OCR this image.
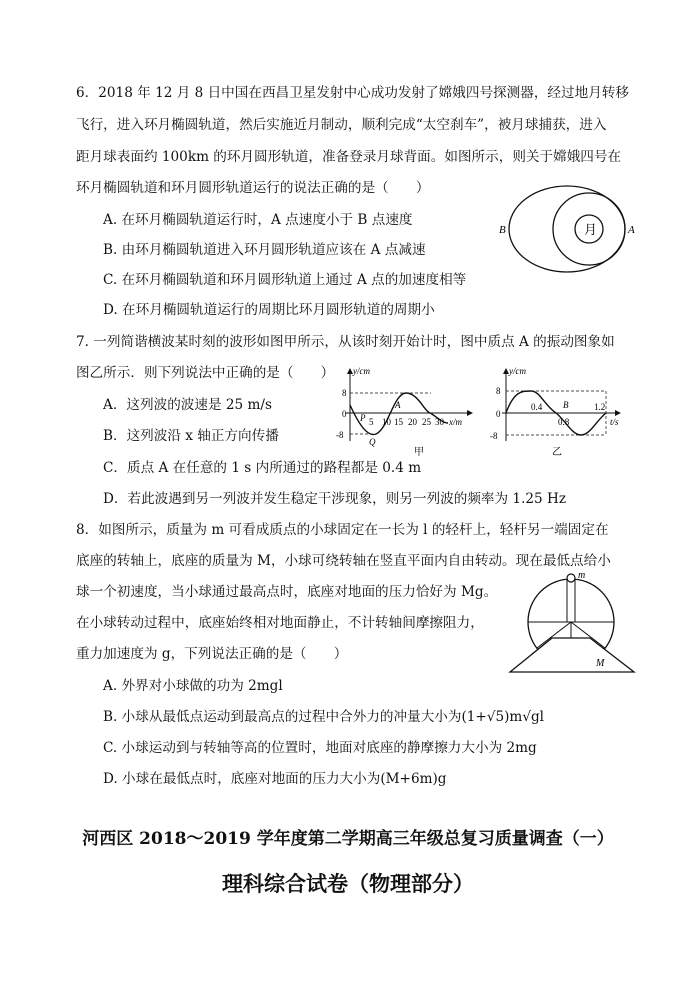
6．2018 年 12 月 8 日中国在西昌卫星发射中心成功发射了嫦娥四号探测器，经过地月转移
飞行，进入环月椭圆轨道，然后实施近月制动，顺利完成“太空刹车”，被月球捕获，进入
距月球表面约 100km 的环月圆形轨道，准备登录月球背面。如图所示，则关于嫦娥四号在
环月椭圆轨道和环月圆形轨道运行的说法正确的是（　　）
A. 在环月椭圆轨道运行时，A 点速度小于 B 点速度
B. 由环月椭圆轨道进入环月圆形轨道应该在 A 点减速
C. 在环月椭圆轨道和环月圆形轨道上通过 A 点的加速度相等
D. 在环月椭圆轨道运行的周期比环月圆形轨道的周期小
月
B	A
7. 一列简谐横波某时刻的波形如图甲所示，从该时刻开始计时，图中质点 A 的振动图象如
图乙所示．则下列说法中正确的是（　　）
A．这列波的波速是 25 m/s
B．这列波沿 x 轴正方向传播
C．质点 A 在任意的 1 s 内所通过的路程都是 0.4 m
D．若此波遇到另一列波并发生稳定干涉现象，则另一列波的频率为 1.25 Hz
y/cm
8
0
-8
5 10 15 20 25 30 x/m
P
Q
A
甲
y/cm
8
0
-8
0.4
0.8
1.2
t/s
B
乙
8．如图所示，质量为 m 可看成质点的小球固定在一长为 l 的轻杆上，轻杆另一端固定在
底座的转轴上，底座的质量为 M，小球可绕转轴在竖直平面内自由转动。现在最低点给小
球一个初速度，当小球通过最高点时，底座对地面的压力恰好为 Mg。
在小球转动过程中，底座始终相对地面静止，不计转轴间摩擦阻力，
重力加速度为 g，下列说法正确的是（　　）
A. 外界对小球做的功为 2mgl
B. 小球从最低点运动到最高点的过程中合外力的冲量大小为(1+√5)m√gl
C. 小球运动到与转轴等高的位置时，地面对底座的静摩擦力大小为 2mg
D. 小球在最低点时，底座对地面的压力大小为(M+6m)g
m
M
河西区 2018～2019 学年度第二学期高三年级总复习质量调查（一）
理科综合试卷（物理部分）
